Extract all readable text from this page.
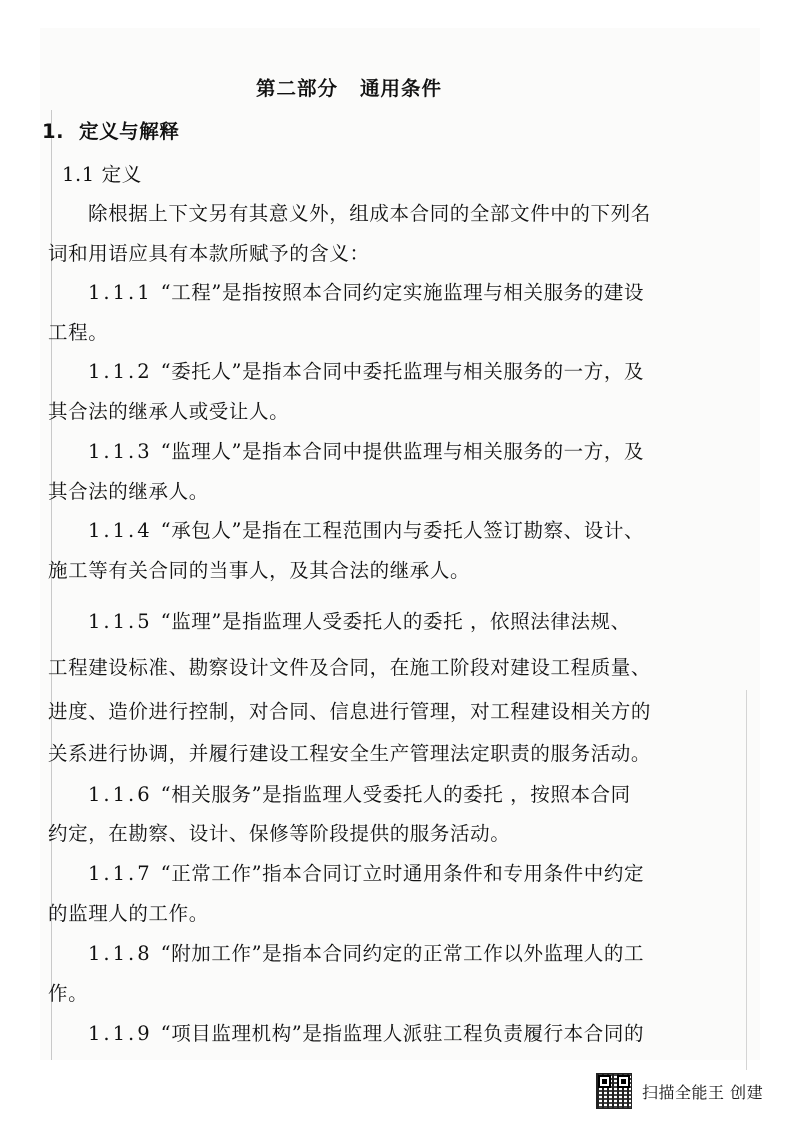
第二部分 通用条件
1. 定义与解释
1.1 定义
除根据上下文另有其意义外，组成本合同的全部文件中的下列名
词和用语应具有本款所赋予的含义：
1.1.1 “工程”是指按照本合同约定实施监理与相关服务的建设
工程。
1.1.2 “委托人”是指本合同中委托监理与相关服务的一方，及
其合法的继承人或受让人。
1.1.3 “监理人”是指本合同中提供监理与相关服务的一方，及
其合法的继承人。
1.1.4 “承包人”是指在工程范围内与委托人签订勘察、设计、
施工等有关合同的当事人，及其合法的继承人。
1.1.5 “监理”是指监理人受委托人的委托 ，依照法律法规、
工程建设标准、勘察设计文件及合同，在施工阶段对建设工程质量、
进度、造价进行控制，对合同、信息进行管理，对工程建设相关方的
关系进行协调，并履行建设工程安全生产管理法定职责的服务活动。
1.1.6 “相关服务”是指监理人受委托人的委托 ，按照本合同
约定，在勘察、设计、保修等阶段提供的服务活动。
1.1.7 “正常工作”指本合同订立时通用条件和专用条件中约定
的监理人的工作。
1.1.8 “附加工作”是指本合同约定的正常工作以外监理人的工
作。
1.1.9 “项目监理机构”是指监理人派驻工程负责履行本合同的
扫描全能王 创建
